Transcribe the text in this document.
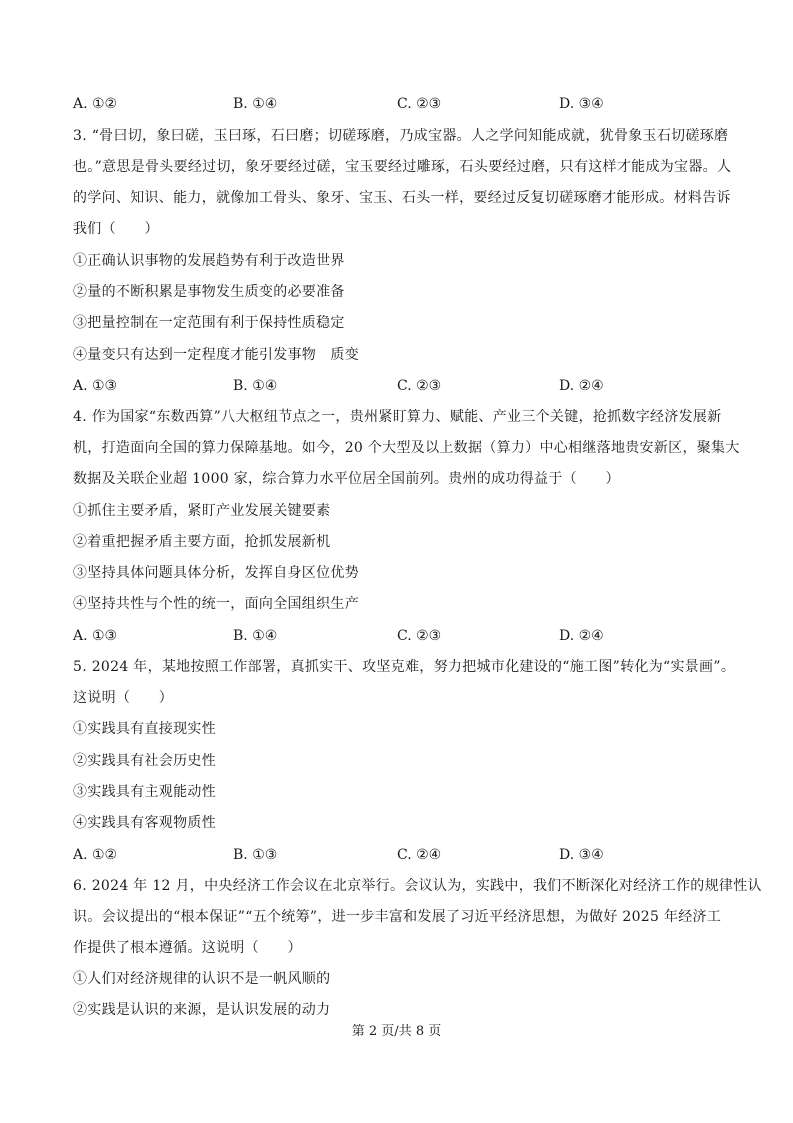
A. ①②	B. ①④	C. ②③	D. ③④
3. “骨曰切，象曰磋，玉曰琢，石曰磨；切磋琢磨，乃成宝器。人之学问知能成就，犹骨象玉石切磋琢磨
也。”意思是骨头要经过切，象牙要经过磋，宝玉要经过雕琢，石头要经过磨，只有这样才能成为宝器。人
的学问、知识、能力，就像加工骨头、象牙、宝玉、石头一样，要经过反复切磋琢磨才能形成。材料告诉
我们（　　）
①正确认识事物的发展趋势有利于改造世界
②量的不断积累是事物发生质变的必要准备
③把量控制在一定范围有利于保持性质稳定
④量变只有达到一定程度才能引发事物　质变
A. ①③	B. ①④	C. ②③	D. ②④
4. 作为国家“东数西算”八大枢纽节点之一，贵州紧盯算力、赋能、产业三个关键，抢抓数字经济发展新
机，打造面向全国的算力保障基地。如今，20 个大型及以上数据（算力）中心相继落地贵安新区，聚集大
数据及关联企业超 1000 家，综合算力水平位居全国前列。贵州的成功得益于（　　）
①抓住主要矛盾，紧盯产业发展关键要素
②着重把握矛盾主要方面，抢抓发展新机
③坚持具体问题具体分析，发挥自身区位优势
④坚持共性与个性的统一，面向全国组织生产
A. ①③	B. ①④	C. ②③	D. ②④
5. 2024 年，某地按照工作部署，真抓实干、攻坚克难，努力把城市化建设的“施工图”转化为“实景画”。
这说明（　　）
①实践具有直接现实性
②实践具有社会历史性
③实践具有主观能动性
④实践具有客观物质性
A. ①②	B. ①③	C. ②④	D. ③④
6. 2024 年 12 月，中央经济工作会议在北京举行。会议认为，实践中，我们不断深化对经济工作的规律性认
识。会议提出的“根本保证”“五个统筹”，进一步丰富和发展了习近平经济思想，为做好 2025 年经济工
作提供了根本遵循。这说明（　　）
①人们对经济规律的认识不是一帆风顺的
②实践是认识的来源，是认识发展的动力
第 2 页/共 8 页
